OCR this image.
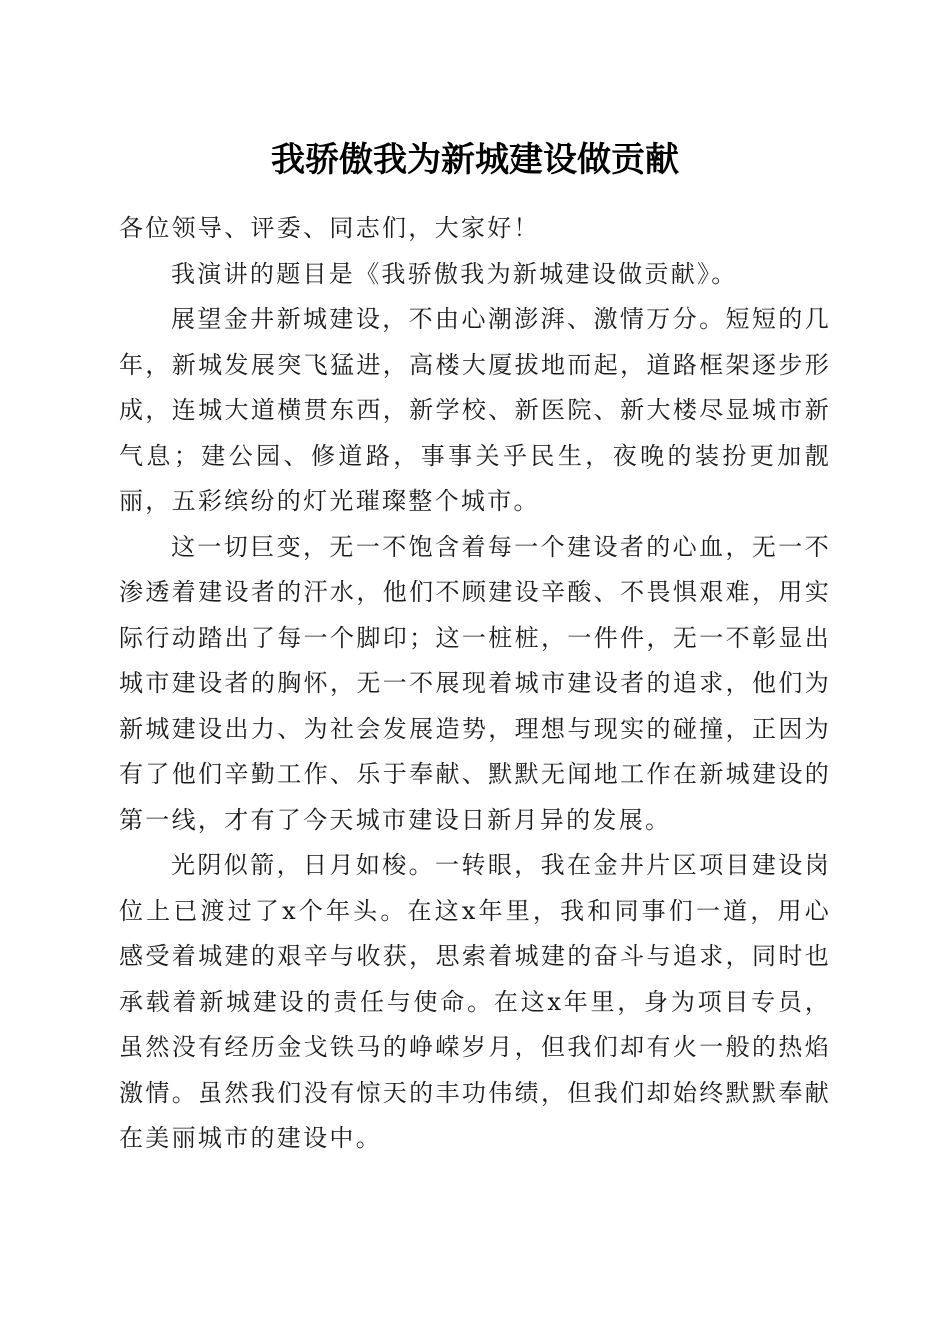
我骄傲我为新城建设做贡献

各位领导、评委、同志们，大家好！

我演讲的题目是《我骄傲我为新城建设做贡献》。

展望金井新城建设，不由心潮澎湃、激情万分。短短的几年，新城发展突飞猛进，高楼大厦拔地而起，道路框架逐步形成，连城大道横贯东西，新学校、新医院、新大楼尽显城市新气息；建公园、修道路，事事关乎民生，夜晚的装扮更加靓丽，五彩缤纷的灯光璀璨整个城市。

这一切巨变，无一不饱含着每一个建设者的心血，无一不渗透着建设者的汗水，他们不顾建设辛酸、不畏惧艰难，用实际行动踏出了每一个脚印；这一桩桩，一件件，无一不彰显出城市建设者的胸怀，无一不展现着城市建设者的追求，他们为新城建设出力、为社会发展造势，理想与现实的碰撞，正因为有了他们辛勤工作、乐于奉献、默默无闻地工作在新城建设的第一线，才有了今天城市建设日新月异的发展。

光阴似箭，日月如梭。一转眼，我在金井片区项目建设岗位上已渡过了x个年头。在这x年里，我和同事们一道，用心感受着城建的艰辛与收获，思索着城建的奋斗与追求，同时也承载着新城建设的责任与使命。在这x年里，身为项目专员，虽然没有经历金戈铁马的峥嵘岁月，但我们却有火一般的热焰激情。虽然我们没有惊天的丰功伟绩，但我们却始终默默奉献在美丽城市的建设中。
